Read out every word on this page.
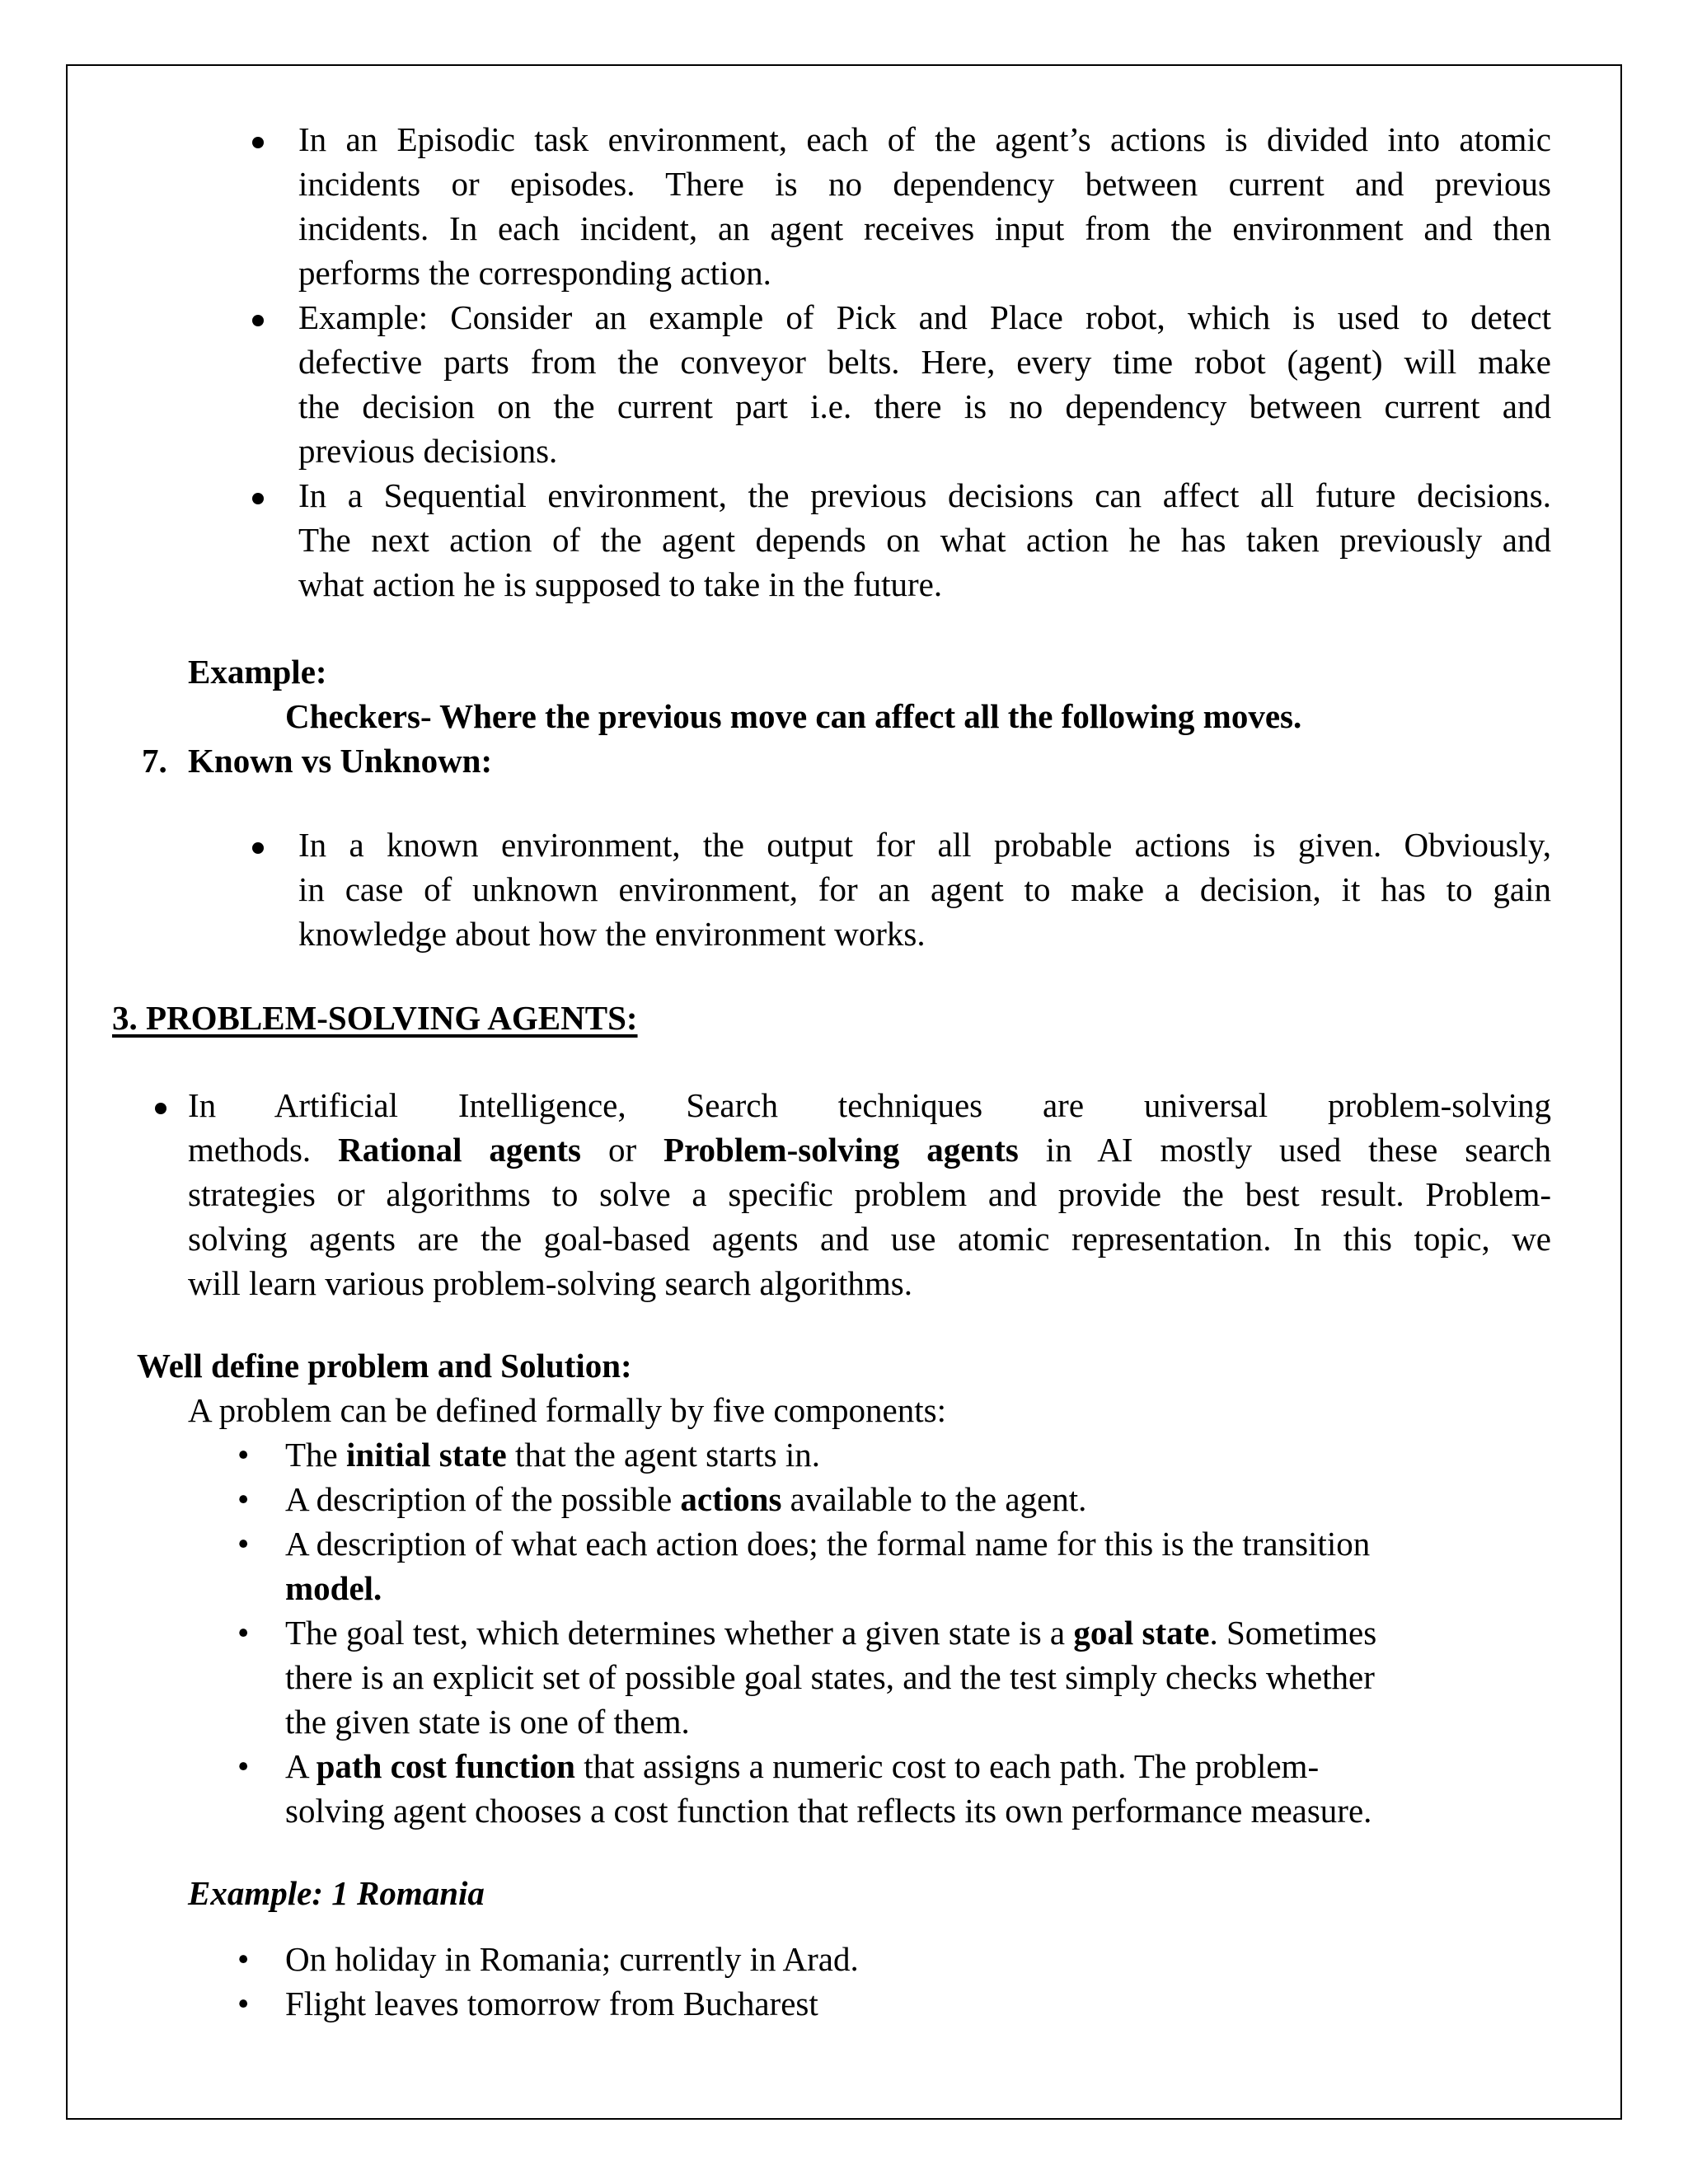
In an Episodic task environment, each of the agent’s actions is divided into atomic
incidents or episodes. There is no dependency between current and previous
incidents. In each incident, an agent receives input from the environment and then
performs the corresponding action.
Example: Consider an example of Pick and Place robot, which is used to detect
defective parts from the conveyor belts. Here, every time robot (agent) will make
the decision on the current part i.e. there is no dependency between current and
previous decisions.
In a Sequential environment, the previous decisions can affect all future decisions.
The next action of the agent depends on what action he has taken previously and
what action he is supposed to take in the future.
Example:
Checkers- Where the previous move can affect all the following moves.
7. Known vs Unknown:
In a known environment, the output for all probable actions is given. Obviously,
in case of unknown environment, for an agent to make a decision, it has to gain
knowledge about how the environment works.
3. PROBLEM-SOLVING AGENTS:
In Artificial Intelligence, Search techniques are universal problem-solving
methods. Rational agents or Problem-solving agents in AI mostly used these search
strategies or algorithms to solve a specific problem and provide the best result. Problem-
solving agents are the goal-based agents and use atomic representation. In this topic, we
will learn various problem-solving search algorithms.
Well define problem and Solution:
A problem can be defined formally by five components:
• The initial state that the agent starts in.
• A description of the possible actions available to the agent.
• A description of what each action does; the formal name for this is the transition
model.
• The goal test, which determines whether a given state is a goal state. Sometimes
there is an explicit set of possible goal states, and the test simply checks whether
the given state is one of them.
• A path cost function that assigns a numeric cost to each path. The problem-
solving agent chooses a cost function that reflects its own performance measure.
Example: 1 Romania
• On holiday in Romania; currently in Arad.
• Flight leaves tomorrow from Bucharest
